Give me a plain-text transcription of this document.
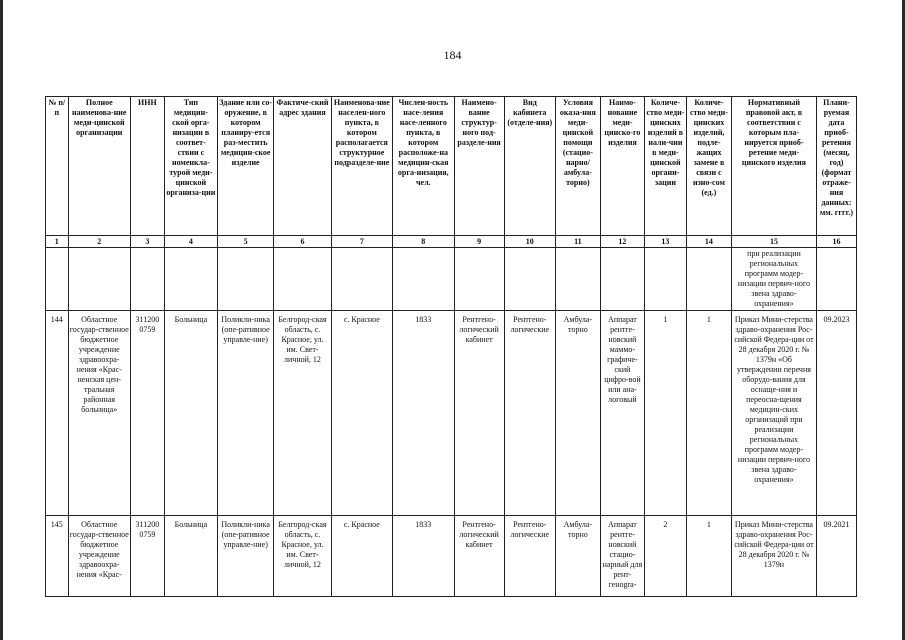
184
№ п/п	Полное наименова-ние меди-цинской организации	ИНН	Тип медицин-ской орга-низации в соответ-ствии с номенкла-турой меди-цинской организа-ции	Здание или со-оружение, в котором планиру-ется раз-местить медицин-ское изделие	Фактиче-ский адрес здания	Наименова-ние населен-ного пункта, в котором располагается структурное подразделе-ние	Числен-ность насе-ления насе-ленного пункта, в котором расположе-на медицин-ская орга-низация, чел.	Наимено-вание структур-ного под-разделе-ния	Вид кабинета (отделе-ния)	Условия оказа-ния меди-цинской помощи (стацио-нарно/ амбула-торно)	Наимо-нование меди-цинско-го изделия	Количе-ство меди-цинских изделий в нали-чии в меди-цинской органи-зации	Количе-ство меди-цинских изделий, подле-жащих замене в связи с изно-сом (ед.)	Нормативный правовой акт, в соответствии с которым пла-нируется приоб-ретение меди-цинского изделия	Плани-руемая дата приоб-ретения (месяц, год) (формат отраже-ния данных: мм. гггг.)
1	2	3	4	5	6	7	8	9	10	11	12	13	14	15	16
														при реализации региональных программ модер-низации первич-ного звена здраво-охранения»	
144	Областное государ-ственное бюджетное учреждение здравоохра-нения «Крас-ненская цен-тральная районная больница»	311200 0759	Больница	Поликли-ника (опе-ративное управле-ние)	Белгород-ская область, с. Красное, ул. им. Свет-личной, 12	с. Красное	1833	Рентгено-логический кабинет	Рентгено-логические	Амбула-торно	Аппарат рентге-новский маммо-графиче-ский цифро-вой или ана-логовый	1	1	Приказ Мини-стерства здраво-охранения Рос-сийской Федера-ции от 28 декабря 2020 г. № 1379н «Об утверждении перечня оборудо-вания для оснаще-ния и переосна-щения медицин-ских организаций при реализации региональных программ модер-низации первич-ного звена здраво-охранения»	09.2023
145	Областное государ-ственное бюджетное учреждение здравоохра-нения «Крас-	311200 0759	Больница	Поликли-ника (опе-ративное управле-ние)	Белгород-ская область, с. Красное, ул. им. Свет-личной, 12	с. Красное	1833	Рентгено-логический кабинет	Рентгено-логические	Амбула-торно	Аппарат рентге-новский стацио-нарный для рент-генogra-	2	1	Приказ Мини-стерства здраво-охранения Рос-сийской Федера-ции от 28 декабря 2020 г. № 1379н	09.2021
